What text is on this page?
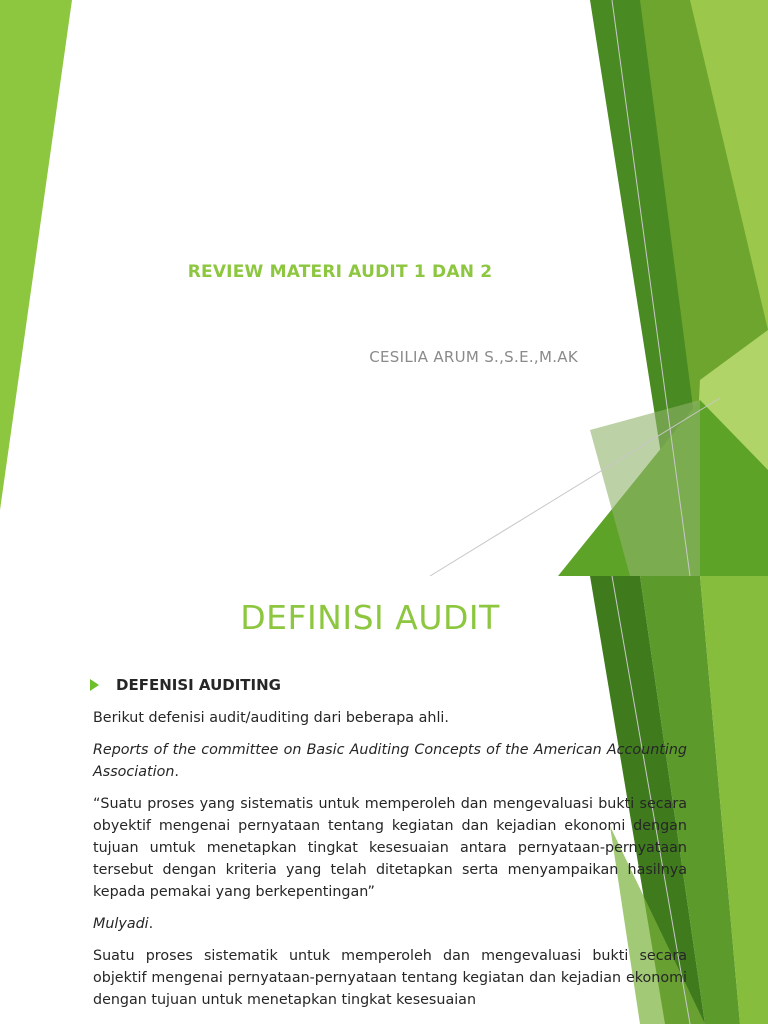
REVIEW MATERI AUDIT 1 DAN 2
CESILIA ARUM S.,S.E.,M.AK
DEFINISI AUDIT
DEFENISI AUDITING

Berikut defenisi audit/auditing dari beberapa ahli.

Reports of the committee on Basic Auditing Concepts of the American Accounting Association.

“Suatu proses yang sistematis untuk memperoleh dan mengevaluasi bukti secara obyektif mengenai pernyataan tentang kegiatan dan kejadian ekonomi dengan tujuan umtuk menetapkan tingkat kesesuaian antara pernyataan-pernyataan tersebut dengan kriteria yang telah ditetapkan serta menyampaikan hasilnya kepada pemakai yang berkepentingan”

Mulyadi.

Suatu proses sistematik untuk memperoleh dan mengevaluasi bukti secara objektif mengenai pernyataan-pernyataan tentang kegiatan dan kejadian ekonomi dengan tujuan untuk menetapkan tingkat kesesuaian
